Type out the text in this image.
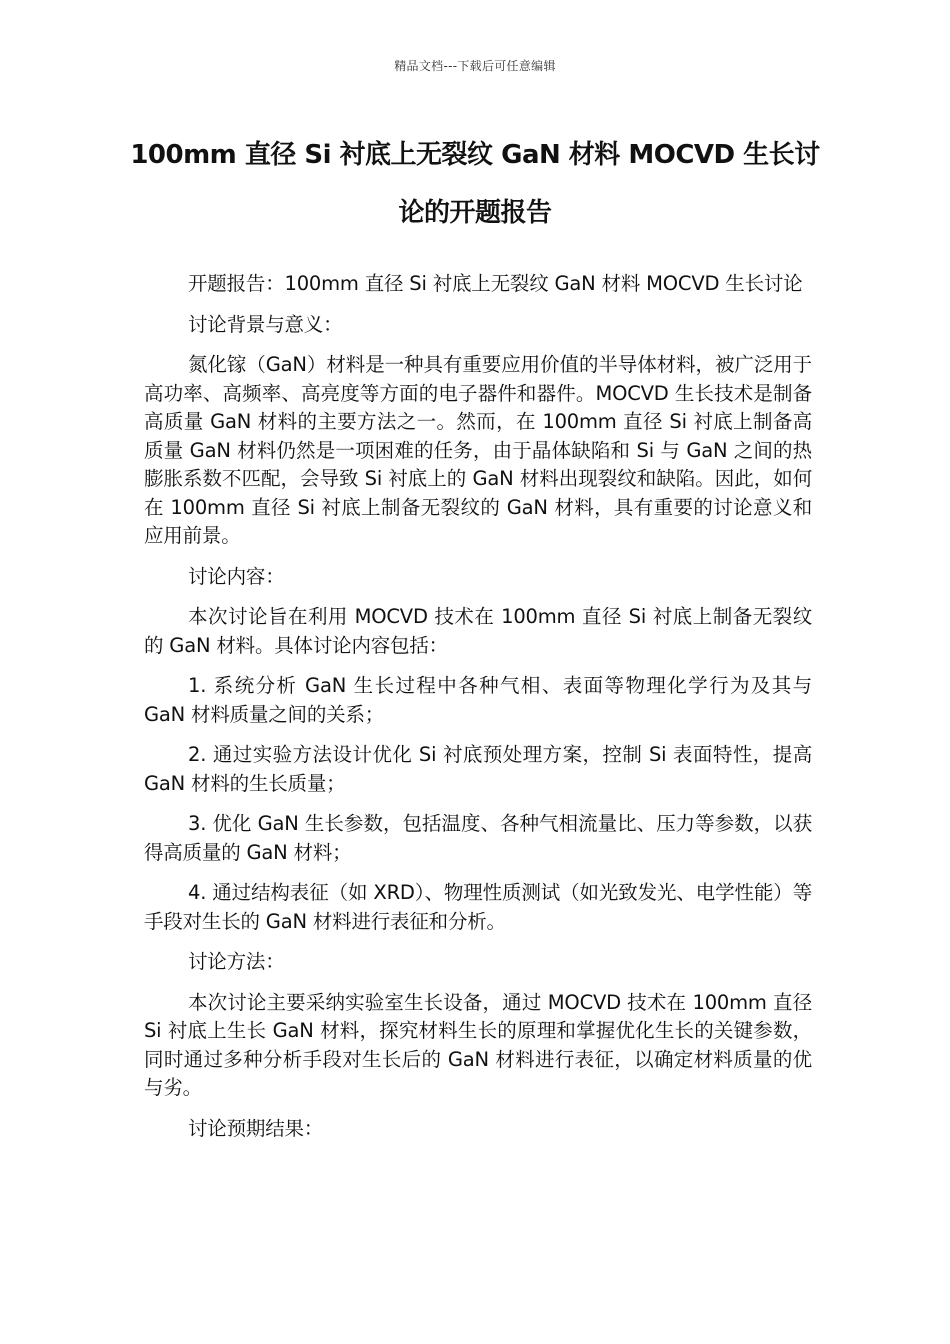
精品文档---下载后可任意编辑
100mm 直径 Si 衬底上无裂纹 GaN 材料 MOCVD 生长讨论的开题报告

开题报告：100mm 直径 Si 衬底上无裂纹 GaN 材料 MOCVD 生长讨论

讨论背景与意义：

氮化镓（GaN）材料是一种具有重要应用价值的半导体材料，被广泛用于高功率、高频率、高亮度等方面的电子器件和器件。MOCVD 生长技术是制备高质量 GaN 材料的主要方法之一。然而，在 100mm 直径 Si 衬底上制备高质量 GaN 材料仍然是一项困难的任务，由于晶体缺陷和 Si 与 GaN 之间的热膨胀系数不匹配，会导致 Si 衬底上的 GaN 材料出现裂纹和缺陷。因此，如何在 100mm 直径 Si 衬底上制备无裂纹的 GaN 材料，具有重要的讨论意义和应用前景。

讨论内容：

本次讨论旨在利用 MOCVD 技术在 100mm 直径 Si 衬底上制备无裂纹的 GaN 材料。具体讨论内容包括：

1. 系统分析 GaN 生长过程中各种气相、表面等物理化学行为及其与 GaN 材料质量之间的关系；

2. 通过实验方法设计优化 Si 衬底预处理方案，控制 Si 表面特性，提高 GaN 材料的生长质量；

3. 优化 GaN 生长参数，包括温度、各种气相流量比、压力等参数，以获得高质量的 GaN 材料；

4. 通过结构表征（如 XRD）、物理性质测试（如光致发光、电学性能）等手段对生长的 GaN 材料进行表征和分析。

讨论方法：

本次讨论主要采纳实验室生长设备，通过 MOCVD 技术在 100mm 直径 Si 衬底上生长 GaN 材料，探究材料生长的原理和掌握优化生长的关键参数，同时通过多种分析手段对生长后的 GaN 材料进行表征，以确定材料质量的优与劣。

讨论预期结果：
